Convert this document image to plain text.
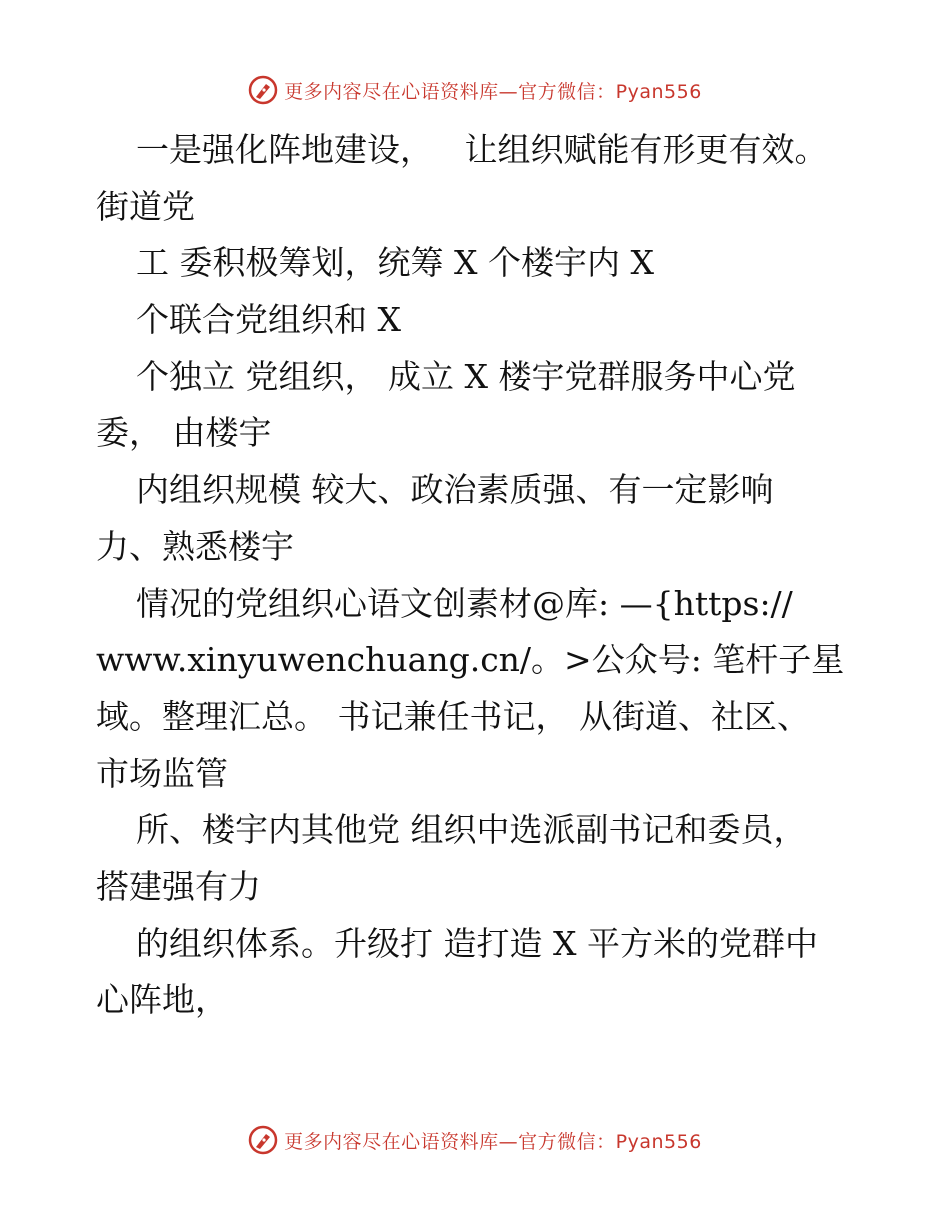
更多内容尽在心语资料库—官方微信：Pyan556
一是强化阵地建设，   让组织赋能有形更有效。
街道党
工 委积极筹划，统筹 X 个楼宇内 X
个联合党组织和 X
个独立 党组织， 成立 X 楼宇党群服务中心党
委， 由楼宇
内组织规模 较大、政治素质强、有一定影响
力、熟悉楼宇
情况的党组织心语文创素材@库: —{https://
www.xinyuwenchuang.cn/。>公众号: 笔杆子星
域。整理汇总。 书记兼任书记， 从街道、社区、
市场监管
所、楼宇内其他党 组织中选派副书记和委员，
搭建强有力
的组织体系。升级打 造打造 X 平方米的党群中
心阵地，
更多内容尽在心语资料库—官方微信：Pyan556
